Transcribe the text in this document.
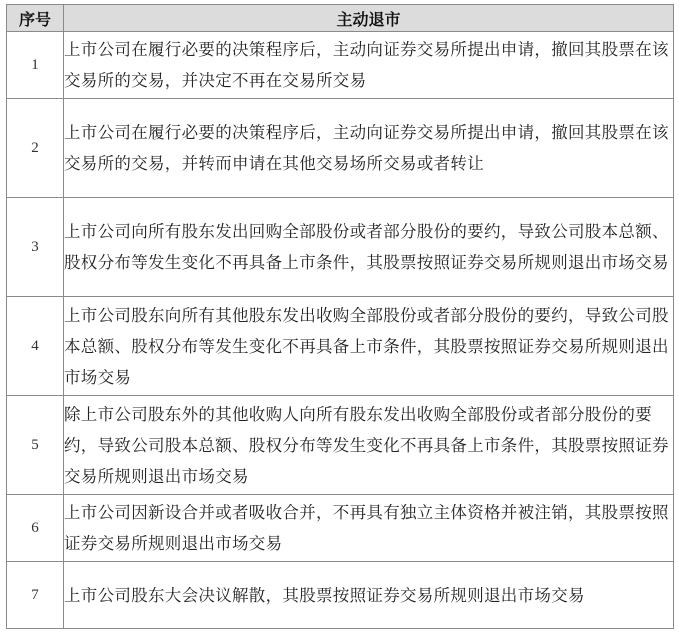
序号	主动退市
1	上市公司在履行必要的决策程序后，主动向证券交易所提出申请，撤回其股票在该交易所的交易，并决定不再在交易所交易
2	上市公司在履行必要的决策程序后，主动向证券交易所提出申请，撤回其股票在该交易所的交易，并转而申请在其他交易场所交易或者转让
3	上市公司向所有股东发出回购全部股份或者部分股份的要约，导致公司股本总额、股权分布等发生变化不再具备上市条件，其股票按照证券交易所规则退出市场交易
4	上市公司股东向所有其他股东发出收购全部股份或者部分股份的要约，导致公司股本总额、股权分布等发生变化不再具备上市条件，其股票按照证券交易所规则退出市场交易
5	除上市公司股东外的其他收购人向所有股东发出收购全部股份或者部分股份的要约，导致公司股本总额、股权分布等发生变化不再具备上市条件，其股票按照证券交易所规则退出市场交易
6	上市公司因新设合并或者吸收合并，不再具有独立主体资格并被注销，其股票按照证券交易所规则退出市场交易
7	上市公司股东大会决议解散，其股票按照证券交易所规则退出市场交易
